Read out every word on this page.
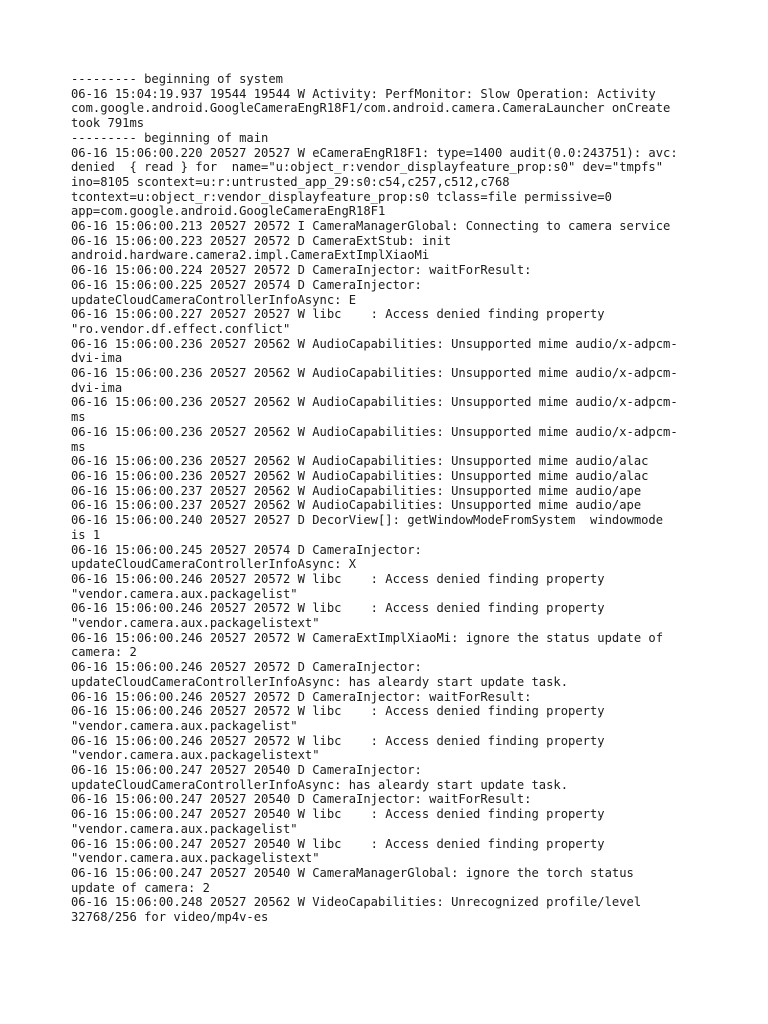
--------- beginning of system
06-16 15:04:19.937 19544 19544 W Activity: PerfMonitor: Slow Operation: Activity
com.google.android.GoogleCameraEngR18F1/com.android.camera.CameraLauncher onCreate
took 791ms
--------- beginning of main
06-16 15:06:00.220 20527 20527 W eCameraEngR18F1: type=1400 audit(0.0:243751): avc:
denied  { read } for  name="u:object_r:vendor_displayfeature_prop:s0" dev="tmpfs"
ino=8105 scontext=u:r:untrusted_app_29:s0:c54,c257,c512,c768
tcontext=u:object_r:vendor_displayfeature_prop:s0 tclass=file permissive=0
app=com.google.android.GoogleCameraEngR18F1
06-16 15:06:00.213 20527 20572 I CameraManagerGlobal: Connecting to camera service
06-16 15:06:00.223 20527 20572 D CameraExtStub: init
android.hardware.camera2.impl.CameraExtImplXiaoMi
06-16 15:06:00.224 20527 20572 D CameraInjector: waitForResult:
06-16 15:06:00.225 20527 20574 D CameraInjector:
updateCloudCameraControllerInfoAsync: E
06-16 15:06:00.227 20527 20527 W libc    : Access denied finding property
"ro.vendor.df.effect.conflict"
06-16 15:06:00.236 20527 20562 W AudioCapabilities: Unsupported mime audio/x-adpcm-
dvi-ima
06-16 15:06:00.236 20527 20562 W AudioCapabilities: Unsupported mime audio/x-adpcm-
dvi-ima
06-16 15:06:00.236 20527 20562 W AudioCapabilities: Unsupported mime audio/x-adpcm-
ms
06-16 15:06:00.236 20527 20562 W AudioCapabilities: Unsupported mime audio/x-adpcm-
ms
06-16 15:06:00.236 20527 20562 W AudioCapabilities: Unsupported mime audio/alac
06-16 15:06:00.236 20527 20562 W AudioCapabilities: Unsupported mime audio/alac
06-16 15:06:00.237 20527 20562 W AudioCapabilities: Unsupported mime audio/ape
06-16 15:06:00.237 20527 20562 W AudioCapabilities: Unsupported mime audio/ape
06-16 15:06:00.240 20527 20527 D DecorView[]: getWindowModeFromSystem  windowmode
is 1
06-16 15:06:00.245 20527 20574 D CameraInjector:
updateCloudCameraControllerInfoAsync: X
06-16 15:06:00.246 20527 20572 W libc    : Access denied finding property
"vendor.camera.aux.packagelist"
06-16 15:06:00.246 20527 20572 W libc    : Access denied finding property
"vendor.camera.aux.packagelistext"
06-16 15:06:00.246 20527 20572 W CameraExtImplXiaoMi: ignore the status update of
camera: 2
06-16 15:06:00.246 20527 20572 D CameraInjector:
updateCloudCameraControllerInfoAsync: has aleardy start update task.
06-16 15:06:00.246 20527 20572 D CameraInjector: waitForResult:
06-16 15:06:00.246 20527 20572 W libc    : Access denied finding property
"vendor.camera.aux.packagelist"
06-16 15:06:00.246 20527 20572 W libc    : Access denied finding property
"vendor.camera.aux.packagelistext"
06-16 15:06:00.247 20527 20540 D CameraInjector:
updateCloudCameraControllerInfoAsync: has aleardy start update task.
06-16 15:06:00.247 20527 20540 D CameraInjector: waitForResult:
06-16 15:06:00.247 20527 20540 W libc    : Access denied finding property
"vendor.camera.aux.packagelist"
06-16 15:06:00.247 20527 20540 W libc    : Access denied finding property
"vendor.camera.aux.packagelistext"
06-16 15:06:00.247 20527 20540 W CameraManagerGlobal: ignore the torch status
update of camera: 2
06-16 15:06:00.248 20527 20562 W VideoCapabilities: Unrecognized profile/level
32768/256 for video/mp4v-es
